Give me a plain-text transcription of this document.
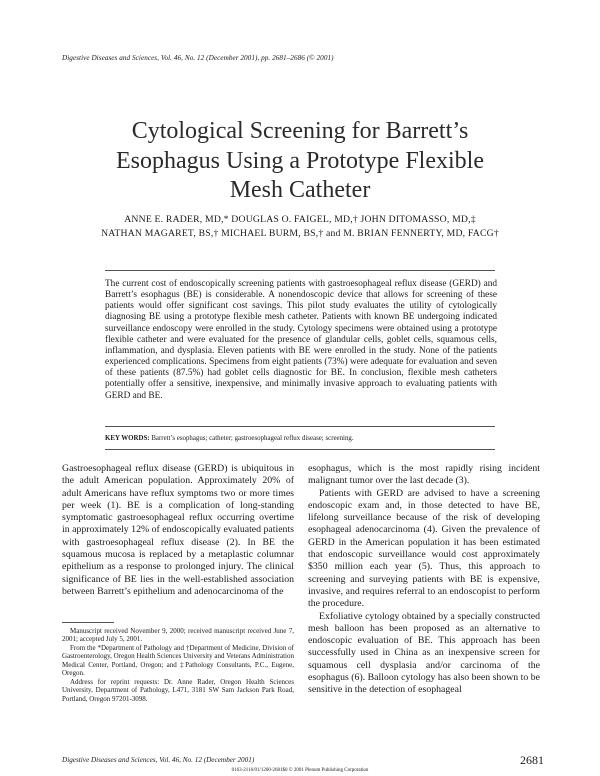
Digestive Diseases and Sciences, Vol. 46, No. 12 (December 2001), pp. 2681–2686 (© 2001)
Cytological Screening for Barrett’s
Esophagus Using a Prototype Flexible
Mesh Catheter
ANNE E. RADER, MD,* DOUGLAS O. FAIGEL, MD,† JOHN DITOMASSO, MD,‡
NATHAN MAGARET, BS,† MICHAEL BURM, BS,† and M. BRIAN FENNERTY, MD, FACG†
The current cost of endoscopically screening patients with gastroesophageal reflux disease (GERD) and Barrett’s esophagus (BE) is considerable. A nonendoscopic device that allows for screening of these patients would offer significant cost savings. This pilot study evaluates the utility of cytologically diagnosing BE using a prototype flexible mesh catheter. Patients with known BE undergoing indicated surveillance endoscopy were enrolled in the study. Cytology specimens were obtained using a prototype flexible catheter and were evaluated for the presence of glandular cells, goblet cells, squamous cells, inflammation, and dysplasia. Eleven patients with BE were enrolled in the study. None of the patients experienced complications. Specimens from eight patients (73%) were adequate for evaluation and seven of these patients (87.5%) had goblet cells diagnostic for BE. In conclusion, flexible mesh catheters potentially offer a sensitive, inexpensive, and minimally invasive approach to evaluating patients with GERD and BE.
KEY WORDS: Barrett’s esophagus; catheter; gastroesophageal reflux disease; screening.

Gastroesophageal reflux disease (GERD) is ubiquitous in the adult American population. Approximately 20% of adult Americans have reflux symptoms two or more times per week (1). BE is a complication of long-standing symptomatic gastroesophageal reflux occurring overtime in approximately 12% of endoscopically evaluated patients with gastroesophageal reflux disease (2). In BE the squamous mucosa is replaced by a metaplastic columnar epithelium as a response to prolonged injury. The clinical significance of BE lies in the well-established association between Barrett’s epithelium and adenocarcinoma of the

esophagus, which is the most rapidly rising incident malignant tumor over the last decade (3).

Patients with GERD are advised to have a screening endoscopic exam and, in those detected to have BE, lifelong surveillance because of the risk of developing esophageal adenocarcinoma (4). Given the prevalence of GERD in the American population it has been estimated that endoscopic surveillance would cost approximately $350 million each year (5). Thus, this approach to screening and surveying patients with BE is expensive, invasive, and requires referral to an endoscopist to perform the procedure.

Exfoliative cytology obtained by a specially constructed mesh balloon has been proposed as an alternative to endoscopic evaluation of BE. This approach has been successfully used in China as an inexpensive screen for squamous cell dysplasia and/or carcinoma of the esophagus (6). Balloon cytology has also been shown to be sensitive in the detection of esophageal

Manuscript received November 9, 2000; received manuscript received June 7, 2001; accepted July 5, 2001.

From the *Department of Pathology and †Department of Medicine, Division of Gastroenterology, Oregon Health Sciences University and Veterans Administration Medical Center, Portland, Oregon; and ‡Pathology Consultants, P.C., Eugene, Oregon.

Address for reprint requests: Dr. Anne Rader, Oregon Health Sciences University, Department of Pathology, L471, 3181 SW Sam Jackson Park Road, Portland, Oregon 97201-3098.

Digestive Diseases and Sciences, Vol. 46, No. 12 (December 2001)	2681
0163-2116/01/1200-2681$0 © 2001 Plenum Publishing Corporation
